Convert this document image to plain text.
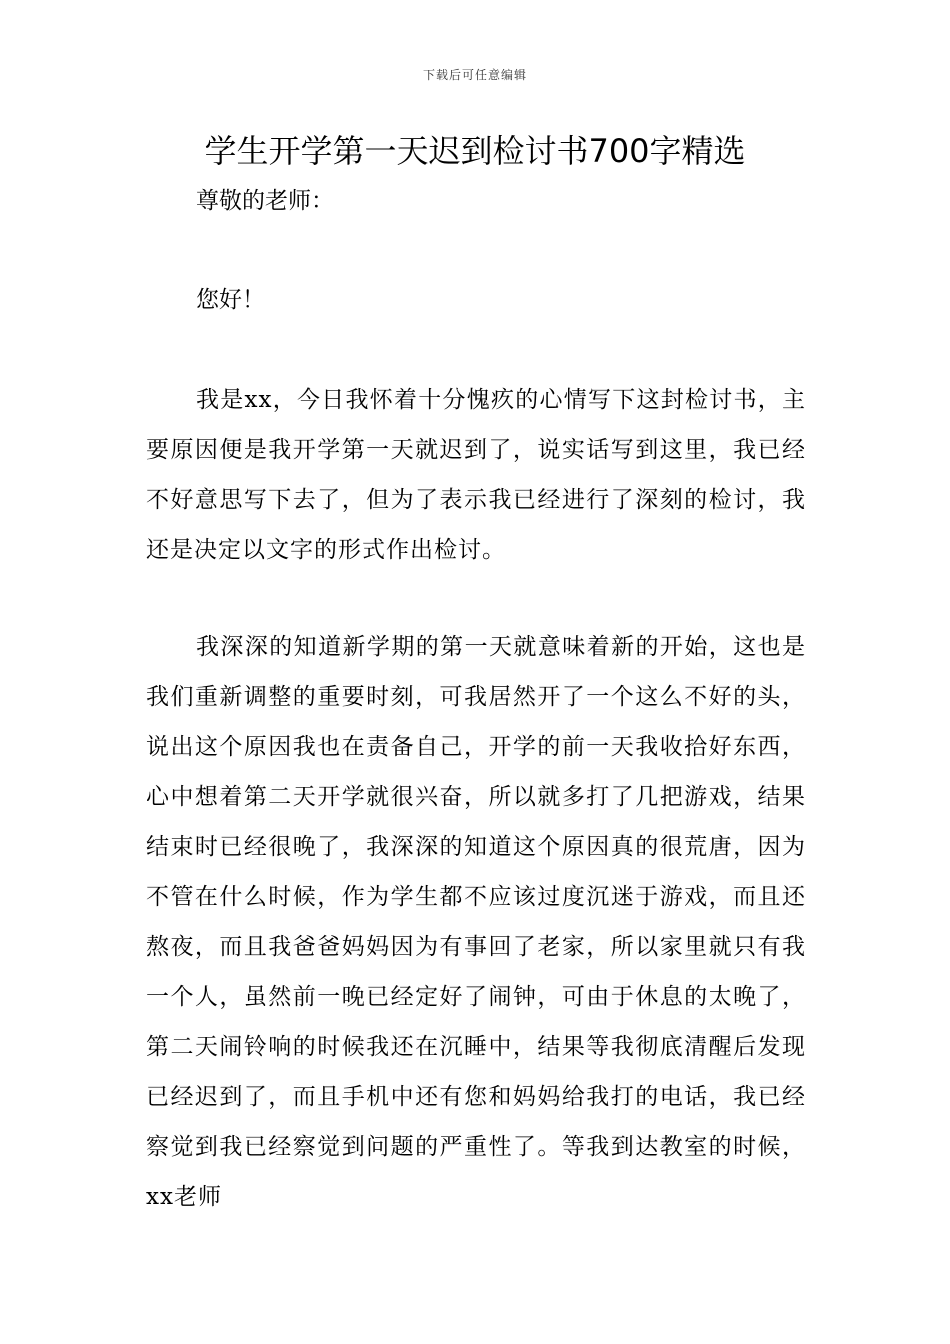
下载后可任意编辑
学生开学第一天迟到检讨书700字精选
尊敬的老师：
您好！

我是xx，今日我怀着十分愧疚的心情写下这封检讨书，主要原因便是我开学第一天就迟到了，说实话写到这里，我已经不好意思写下去了，但为了表示我已经进行了深刻的检讨，我还是决定以文字的形式作出检讨。

我深深的知道新学期的第一天就意味着新的开始，这也是我们重新调整的重要时刻，可我居然开了一个这么不好的头，说出这个原因我也在责备自己，开学的前一天我收拾好东西，心中想着第二天开学就很兴奋，所以就多打了几把游戏，结果结束时已经很晚了，我深深的知道这个原因真的很荒唐，因为不管在什么时候，作为学生都不应该过度沉迷于游戏，而且还熬夜，而且我爸爸妈妈因为有事回了老家，所以家里就只有我一个人，虽然前一晚已经定好了闹钟，可由于休息的太晚了，第二天闹铃响的时候我还在沉睡中，结果等我彻底清醒后发现已经迟到了，而且手机中还有您和妈妈给我打的电话，我已经察觉到我已经察觉到问题的严重性了。等我到达教室的时候，xx老师
